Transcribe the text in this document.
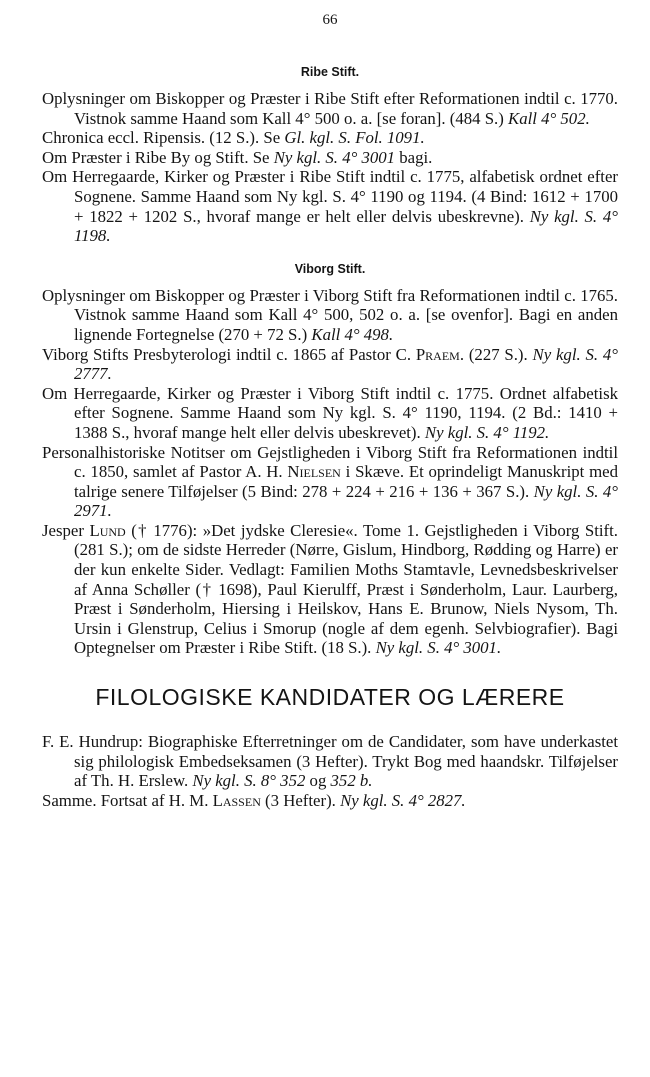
66
Ribe Stift.

Oplysninger om Biskopper og Præster i Ribe Stift efter Reformationen indtil c. 1770. Vistnok samme Haand som Kall 4° 500 o. a. [se foran]. (484 S.) Kall 4° 502.

Chronica eccl. Ripensis. (12 S.). Se Gl. kgl. S. Fol. 1091.

Om Præster i Ribe By og Stift. Se Ny kgl. S. 4° 3001 bagi.

Om Herregaarde, Kirker og Præster i Ribe Stift indtil c. 1775, alfabetisk ordnet efter Sognene. Samme Haand som Ny kgl. S. 4° 1190 og 1194. (4 Bind: 1612 + 1700 + 1822 + 1202 S., hvoraf mange er helt eller delvis ubeskrevne). Ny kgl. S. 4° 1198.

Viborg Stift.

Oplysninger om Biskopper og Præster i Viborg Stift fra Reformationen indtil c. 1765. Vistnok samme Haand som Kall 4° 500, 502 o. a. [se ovenfor]. Bagi en anden lignende Fortegnelse (270 + 72 S.) Kall 4° 498.

Viborg Stifts Presbyterologi indtil c. 1865 af Pastor C. Praem. (227 S.). Ny kgl. S. 4° 2777.

Om Herregaarde, Kirker og Præster i Viborg Stift indtil c. 1775. Ordnet alfabetisk efter Sognene. Samme Haand som Ny kgl. S. 4° 1190, 1194. (2 Bd.: 1410 + 1388 S., hvoraf mange helt eller delvis ubeskrevet). Ny kgl. S. 4° 1192.

Personalhistoriske Notitser om Gejstligheden i Viborg Stift fra Reformationen indtil c. 1850, samlet af Pastor A. H. Nielsen i Skæve. Et oprindeligt Manuskript med talrige senere Tilføjelser (5 Bind: 278 + 224 + 216 + 136 + 367 S.). Ny kgl. S. 4° 2971.

Jesper Lund († 1776): »Det jydske Cleresie«. Tome 1. Gejstligheden i Viborg Stift. (281 S.); om de sidste Herreder (Nørre, Gislum, Hindborg, Rødding og Harre) er der kun enkelte Sider. Vedlagt: Familien Moths Stamtavle, Levnedsbeskrivelser af Anna Schøller († 1698), Paul Kierulff, Præst i Sønderholm, Laur. Laurberg, Præst i Sønderholm, Hiersing i Heilskov, Hans E. Brunow, Niels Nysom, Th. Ursin i Glenstrup, Celius i Smorup (nogle af dem egenh. Selvbiografier). Bagi Optegnelser om Præster i Ribe Stift. (18 S.). Ny kgl. S. 4° 3001.

FILOLOGISKE KANDIDATER OG LÆRERE

F. E. Hundrup: Biographiske Efterretninger om de Candidater, som have underkastet sig philologisk Embedseksamen (3 Hefter). Trykt Bog med haandskr. Tilføjelser af Th. H. Erslew. Ny kgl. S. 8° 352 og 352 b.

Samme. Fortsat af H. M. Lassen (3 Hefter). Ny kgl. S. 4° 2827.
